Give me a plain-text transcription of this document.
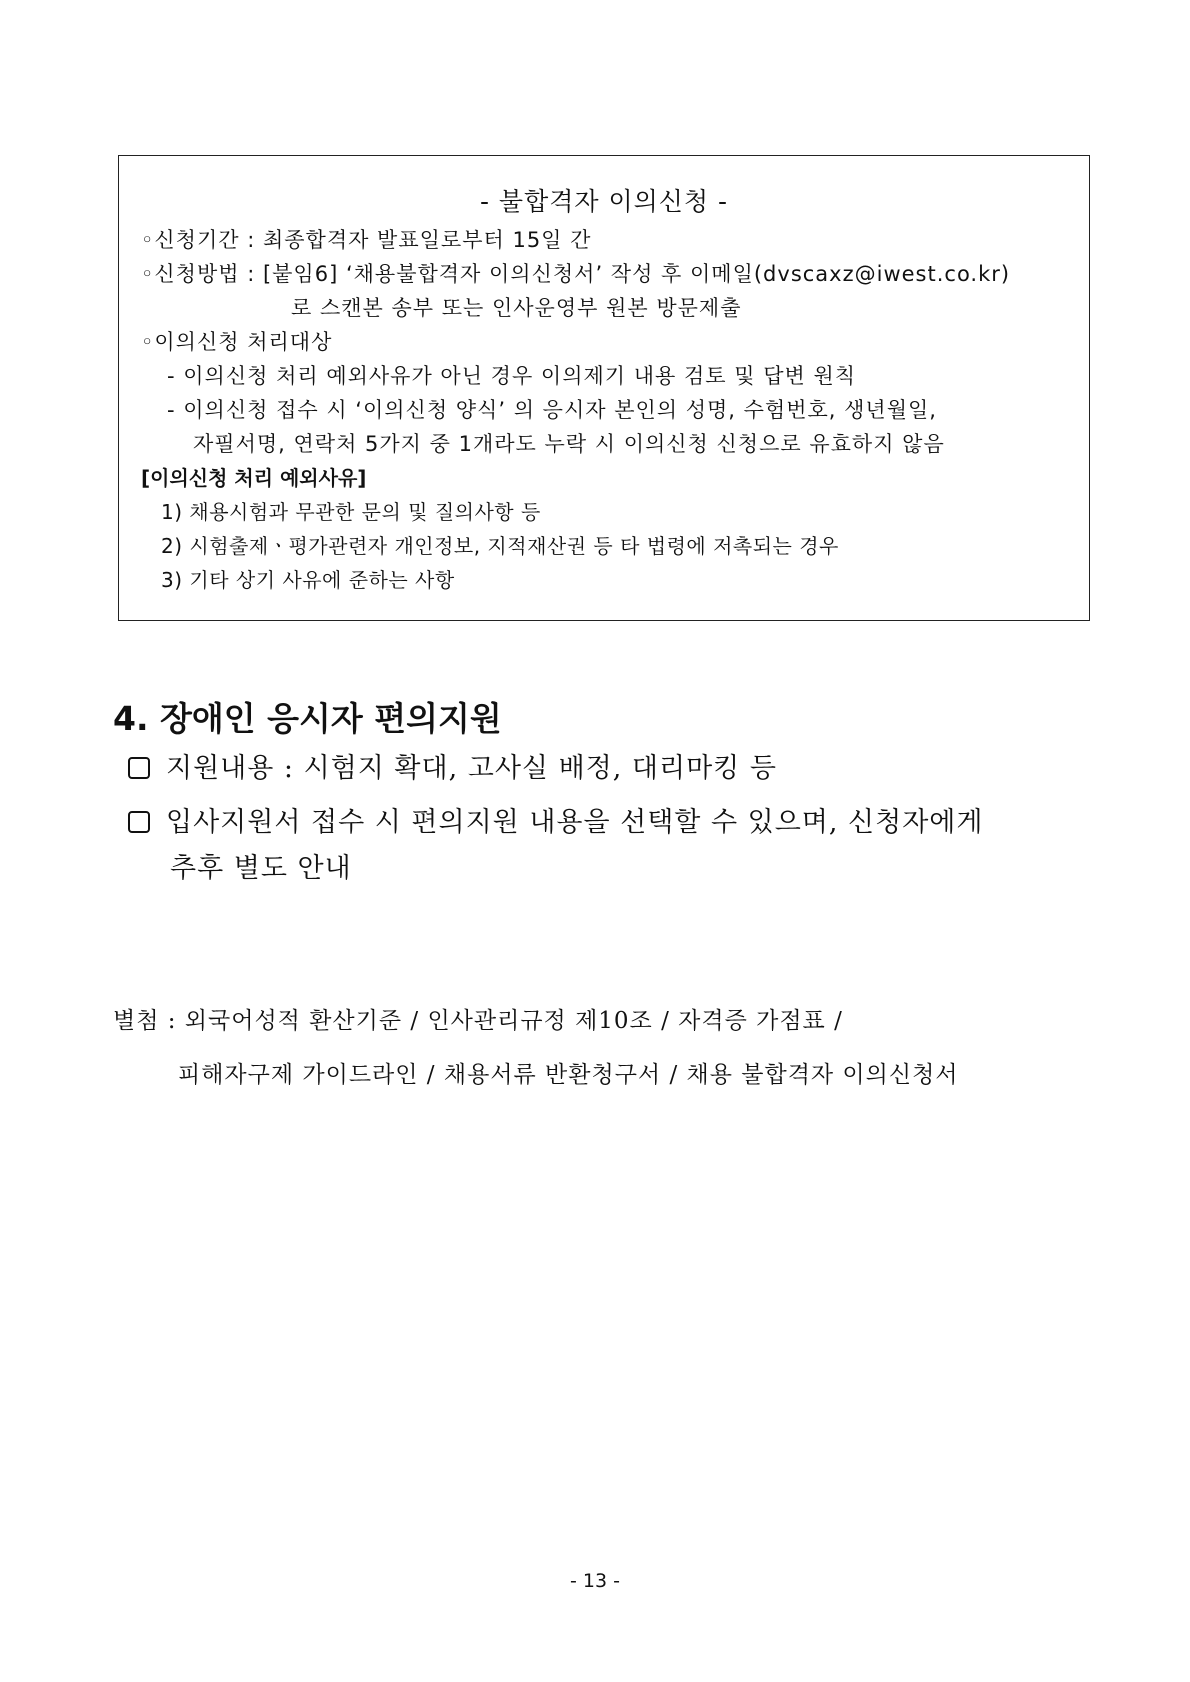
- 불합격자 이의신청 -
◦신청기간 : 최종합격자 발표일로부터 15일 간
◦신청방법 : [붙임6] ‘채용불합격자 이의신청서’ 작성 후 이메일(dvscaxz@iwest.co.kr)
로 스캔본 송부 또는 인사운영부 원본 방문제출
◦이의신청 처리대상
- 이의신청 처리 예외사유가 아닌 경우 이의제기 내용 검토 및 답변 원칙
- 이의신청 접수 시 ‘이의신청 양식’ 의 응시자 본인의 성명, 수험번호, 생년월일,
자필서명, 연락처 5가지 중 1개라도 누락 시 이의신청 신청으로 유효하지 않음
[이의신청 처리 예외사유]
1) 채용시험과 무관한 문의 및 질의사항 등
2) 시험출제ㆍ평가관련자 개인정보, 지적재산권 등 타 법령에 저촉되는 경우
3) 기타 상기 사유에 준하는 사항
4. 장애인 응시자 편의지원
지원내용 : 시험지 확대, 고사실 배정, 대리마킹 등
입사지원서 접수 시 편의지원 내용을 선택할 수 있으며, 신청자에게
추후 별도 안내
별첨 : 외국어성적 환산기준 / 인사관리규정 제10조 / 자격증 가점표 /
피해자구제 가이드라인 / 채용서류 반환청구서 / 채용 불합격자 이의신청서
- 13 -
